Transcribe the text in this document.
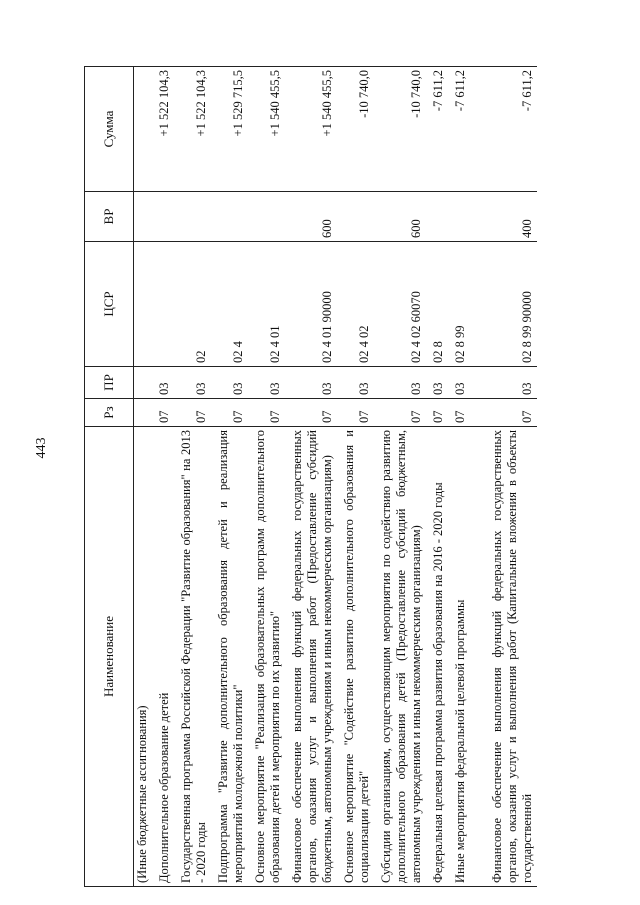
443
Наименование	Рз	ПР	ЦСР	ВР	Сумма
(Иные бюджетные ассигнования)					
Дополнительное образование детей	07	03			+1 522 104,3
Государственная программа Российской Федерации "Развитие образования" на 2013 - 2020 годы	07	03	02		+1 522 104,3
Подпрограмма "Развитие дополнительного образования детей и реализация мероприятий молодежной политики"	07	03	02 4		+1 529 715,5
Основное мероприятие "Реализация образовательных программ дополнительного образования детей и мероприятия по их развитию"	07	03	02 4 01		+1 540 455,5
Финансовое обеспечение выполнения функций федеральных государственных органов, оказания услуг и выполнения работ (Предоставление субсидий бюджетным, автономным учреждениям и иным некоммерческим организациям)	07	03	02 4 01 90000	600	+1 540 455,5
Основное мероприятие "Содействие развитию дополнительного образования и социализации детей"	07	03	02 4 02		-10 740,0
Субсидии организациям, осуществляющим мероприятия по содействию развитию дополнительного образования детей (Предоставление субсидий бюджетным, автономным учреждениям и иным некоммерческим организациям)	07	03	02 4 02 60070	600	-10 740,0
Федеральная целевая программа развития образования на 2016 - 2020 годы	07	03	02 8		-7 611,2
Иные мероприятия федеральной целевой программы	07	03	02 8 99		-7 611,2
Финансовое обеспечение выполнения функций федеральных государственных органов, оказания услуг и выполнения работ (Капитальные вложения в объекты государственной	07	03	02 8 99 90000	400	-7 611,2
